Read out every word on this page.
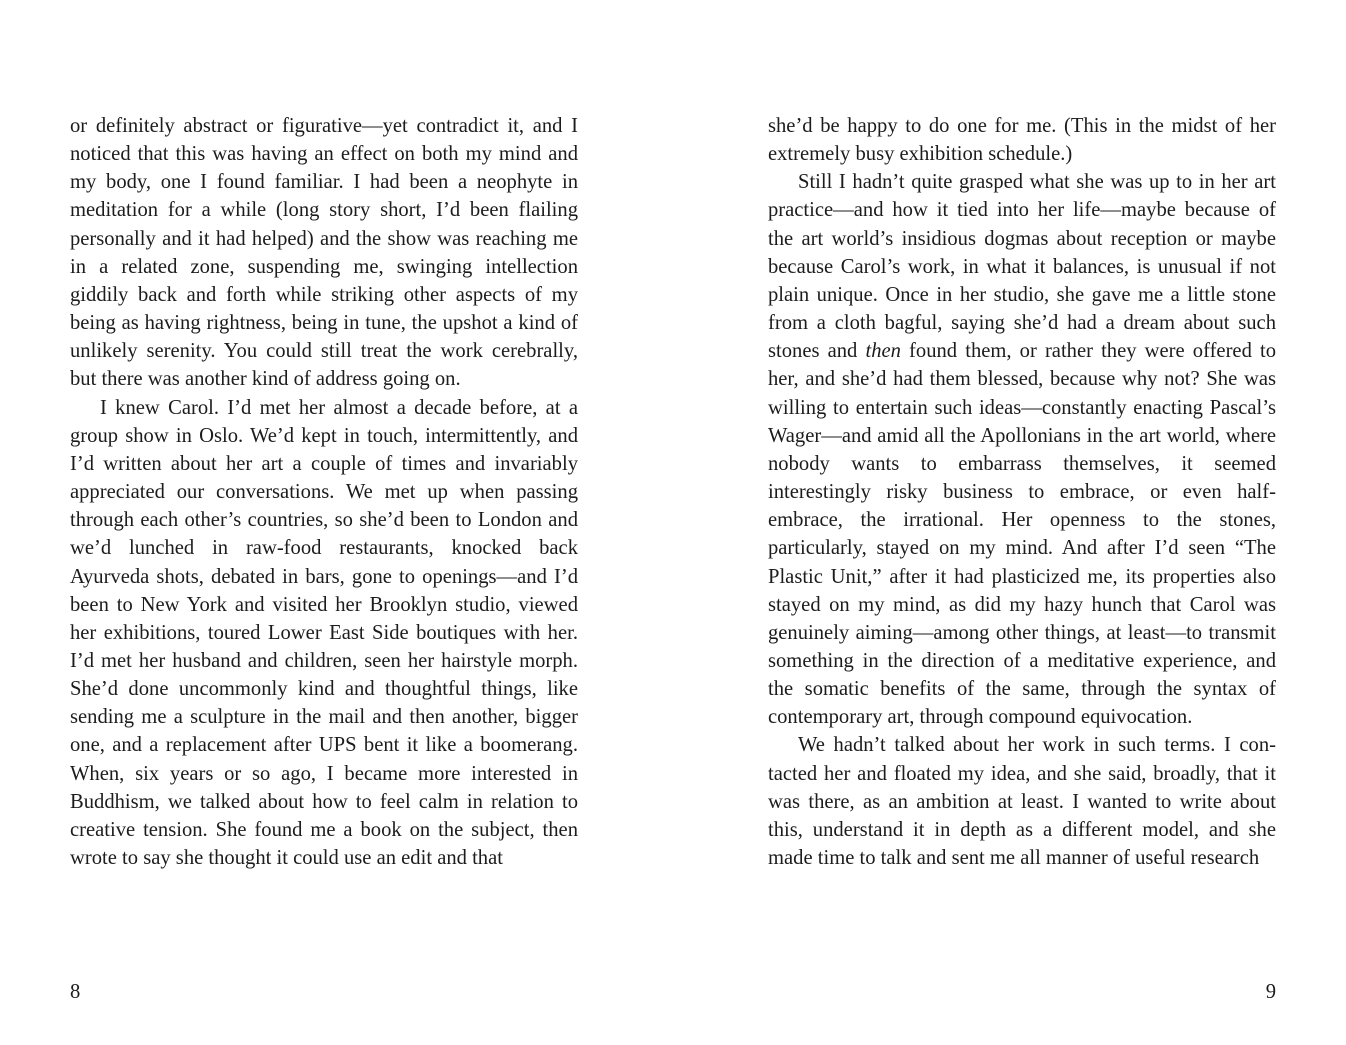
or definitely abstract or figurative—yet contradict it, and I noticed that this was having an effect on both my mind and my body, one I found familiar. I had been a neophyte in meditation for a while (long story short, I’d been flailing personally and it had helped) and the show was reaching me in a related zone, suspending me, swinging intellection giddily back and forth while striking other aspects of my being as having rightness, being in tune, the upshot a kind of unlikely serenity. You could still treat the work cerebrally, but there was another kind of address going on.

I knew Carol. I’d met her almost a decade before, at a group show in Oslo. We’d kept in touch, intermittently, and I’d written about her art a couple of times and invariably appreciated our conversations. We met up when passing through each other’s countries, so she’d been to London and we’d lunched in raw-food restaurants, knocked back Ayurveda shots, debated in bars, gone to openings—and I’d been to New York and visited her Brooklyn studio, viewed her exhibitions, toured Lower East Side boutiques with her. I’d met her husband and children, seen her hairstyle morph. She’d done uncommonly kind and thoughtful things, like sending me a sculpture in the mail and then another, bigger one, and a replacement after UPS bent it like a boomerang. When, six years or so ago, I became more interested in Buddhism, we talked about how to feel calm in relation to creative tension. She found me a book on the subject, then wrote to say she thought it could use an edit and that

8

she’d be happy to do one for me. (This in the midst of her extremely busy exhibition schedule.)

Still I hadn’t quite grasped what she was up to in her art practice—and how it tied into her life—maybe because of the art world’s insidious dogmas about reception or maybe because Carol’s work, in what it balances, is unusual if not plain unique. Once in her studio, she gave me a little stone from a cloth bagful, saying she’d had a dream about such stones and then found them, or rather they were offered to her, and she’d had them blessed, because why not? She was willing to entertain such ideas—constantly enacting Pascal’s Wager—and amid all the Apollonians in the art world, where nobody wants to embarrass themselves, it seemed interestingly risky business to embrace, or even half-embrace, the irrational. Her openness to the stones, particularly, stayed on my mind. And after I’d seen “The Plastic Unit,” after it had plasticized me, its properties also stayed on my mind, as did my hazy hunch that Carol was genuinely aiming—among other things, at least—to transmit something in the direction of a meditative experience, and the somatic benefits of the same, through the syntax of contemporary art, through compound equivocation.

We hadn’t talked about her work in such terms. I contacted her and floated my idea, and she said, broadly, that it was there, as an ambition at least. I wanted to write about this, understand it in depth as a different model, and she made time to talk and sent me all manner of useful research

9
